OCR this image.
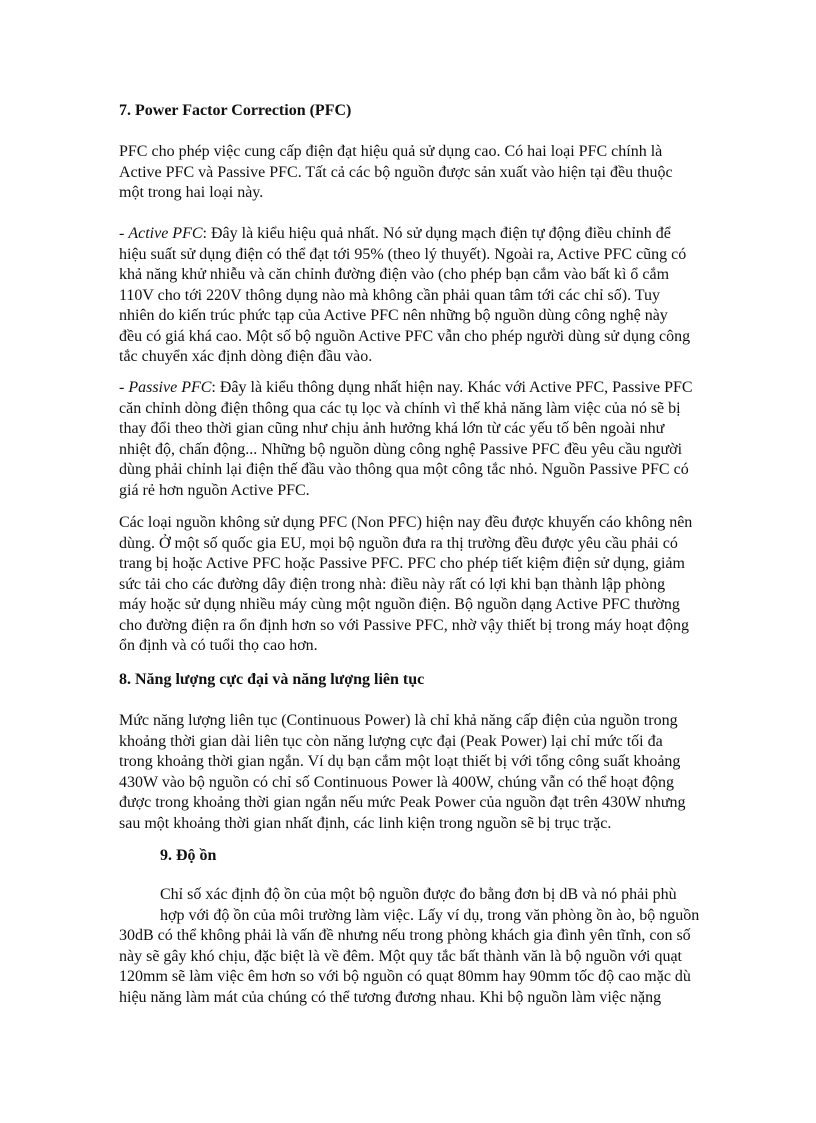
7. Power Factor Correction (PFC)
PFC cho phép việc cung cấp điện đạt hiệu quả sử dụng cao. Có hai loại PFC chính là
Active PFC và Passive PFC. Tất cả các bộ nguồn được sản xuất vào hiện tại đều thuộc
một trong hai loại này.
- Active PFC: Đây là kiểu hiệu quả nhất. Nó sử dụng mạch điện tự động điều chỉnh để
hiệu suất sử dụng điện có thể đạt tới 95% (theo lý thuyết). Ngoài ra, Active PFC cũng có
khả năng khử nhiễu và căn chỉnh đường điện vào (cho phép bạn cắm vào bất kì ổ cắm
110V cho tới 220V thông dụng nào mà không cần phải quan tâm tới các chỉ số). Tuy
nhiên do kiến trúc phức tạp của Active PFC nên những bộ nguồn dùng công nghệ này
đều có giá khá cao. Một số bộ nguồn Active PFC vẫn cho phép người dùng sử dụng công
tắc chuyển xác định dòng điện đầu vào.
- Passive PFC: Đây là kiểu thông dụng nhất hiện nay. Khác với Active PFC, Passive PFC
căn chỉnh dòng điện thông qua các tụ lọc và chính vì thế khả năng làm việc của nó sẽ bị
thay đổi theo thời gian cũng như chịu ảnh hưởng khá lớn từ các yếu tố bên ngoài như
nhiệt độ, chấn động... Những bộ nguồn dùng công nghệ Passive PFC đều yêu cầu người
dùng phải chỉnh lại điện thế đầu vào thông qua một công tắc nhỏ. Nguồn Passive PFC có
giá rẻ hơn nguồn Active PFC.
Các loại nguồn không sử dụng PFC (Non PFC) hiện nay đều được khuyến cáo không nên
dùng. Ở một số quốc gia EU, mọi bộ nguồn đưa ra thị trường đều được yêu cầu phải có
trang bị hoặc Active PFC hoặc Passive PFC. PFC cho phép tiết kiệm điện sử dụng, giảm
sức tải cho các đường dây điện trong nhà: điều này rất có lợi khi bạn thành lập phòng
máy hoặc sử dụng nhiều máy cùng một nguồn điện. Bộ nguồn dạng Active PFC thường
cho đường điện ra ổn định hơn so với Passive PFC, nhờ vậy thiết bị trong máy hoạt động
ổn định và có tuổi thọ cao hơn.
8. Năng lượng cực đại và năng lượng liên tục
Mức năng lượng liên tục (Continuous Power) là chỉ khả năng cấp điện của nguồn trong
khoảng thời gian dài liên tục còn năng lượng cực đại (Peak Power) lại chỉ mức tối đa
trong khoảng thời gian ngắn. Ví dụ bạn cắm một loạt thiết bị với tổng công suất khoảng
430W vào bộ nguồn có chỉ số Continuous Power là 400W, chúng vẫn có thể hoạt động
được trong khoảng thời gian ngắn nếu mức Peak Power của nguồn đạt trên 430W nhưng
sau một khoảng thời gian nhất định, các linh kiện trong nguồn sẽ bị trục trặc.
9. Độ ồn
Chỉ số xác định độ ồn của một bộ nguồn được đo bằng đơn bị dB và nó phải phù
hợp với độ ồn của môi trường làm việc. Lấy ví dụ, trong văn phòng ồn ào, bộ nguồn
30dB có thể không phải là vấn đề nhưng nếu trong phòng khách gia đình yên tĩnh, con số
này sẽ gây khó chịu, đặc biệt là về đêm. Một quy tắc bất thành văn là bộ nguồn với quạt
120mm sẽ làm việc êm hơn so với bộ nguồn có quạt 80mm hay 90mm tốc độ cao mặc dù
hiệu năng làm mát của chúng có thể tương đương nhau. Khi bộ nguồn làm việc nặng
